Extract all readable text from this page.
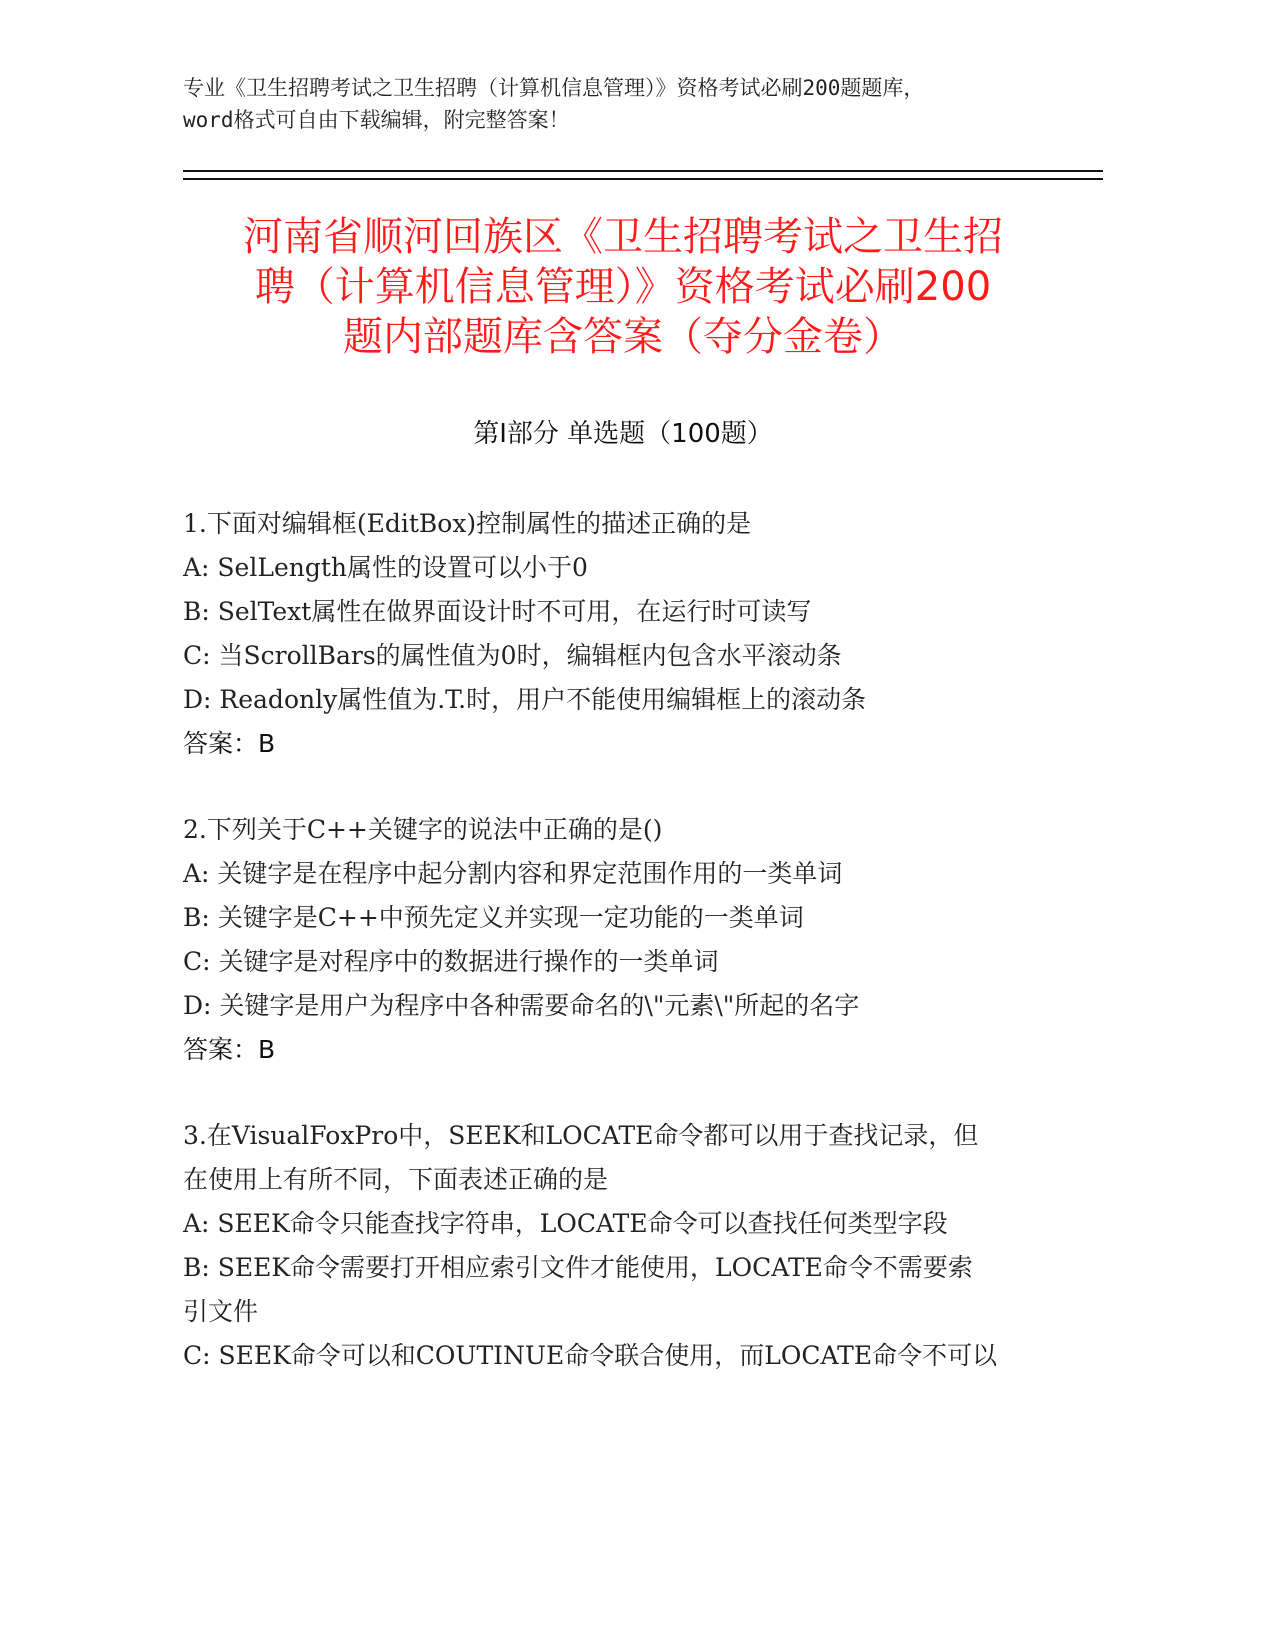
专业《卫生招聘考试之卫生招聘（计算机信息管理）》资格考试必刷200题题库，
word格式可自由下载编辑，附完整答案！
河南省顺河回族区《卫生招聘考试之卫生招
聘（计算机信息管理）》资格考试必刷200
题内部题库含答案（夺分金卷）
第Ⅰ部分 单选题（100题）
1.下面对编辑框(EditBox)控制属性的描述正确的是
A: SelLength属性的设置可以小于0
B: SelText属性在做界面设计时不可用，在运行时可读写
C: 当ScrollBars的属性值为0时，编辑框内包含水平滚动条
D: Readonly属性值为.T.时，用户不能使用编辑框上的滚动条
答案：B
2.下列关于C++关键字的说法中正确的是()
A: 关键字是在程序中起分割内容和界定范围作用的一类单词
B: 关键字是C++中预先定义并实现一定功能的一类单词
C: 关键字是对程序中的数据进行操作的一类单词
D: 关键字是用户为程序中各种需要命名的\"元素\"所起的名字
答案：B
3.在VisualFoxPro中，SEEK和LOCATE命令都可以用于查找记录，但
在使用上有所不同，下面表述正确的是
A: SEEK命令只能查找字符串，LOCATE命令可以查找任何类型字段
B: SEEK命令需要打开相应索引文件才能使用，LOCATE命令不需要索
引文件
C: SEEK命令可以和COUTINUE命令联合使用，而LOCATE命令不可以
